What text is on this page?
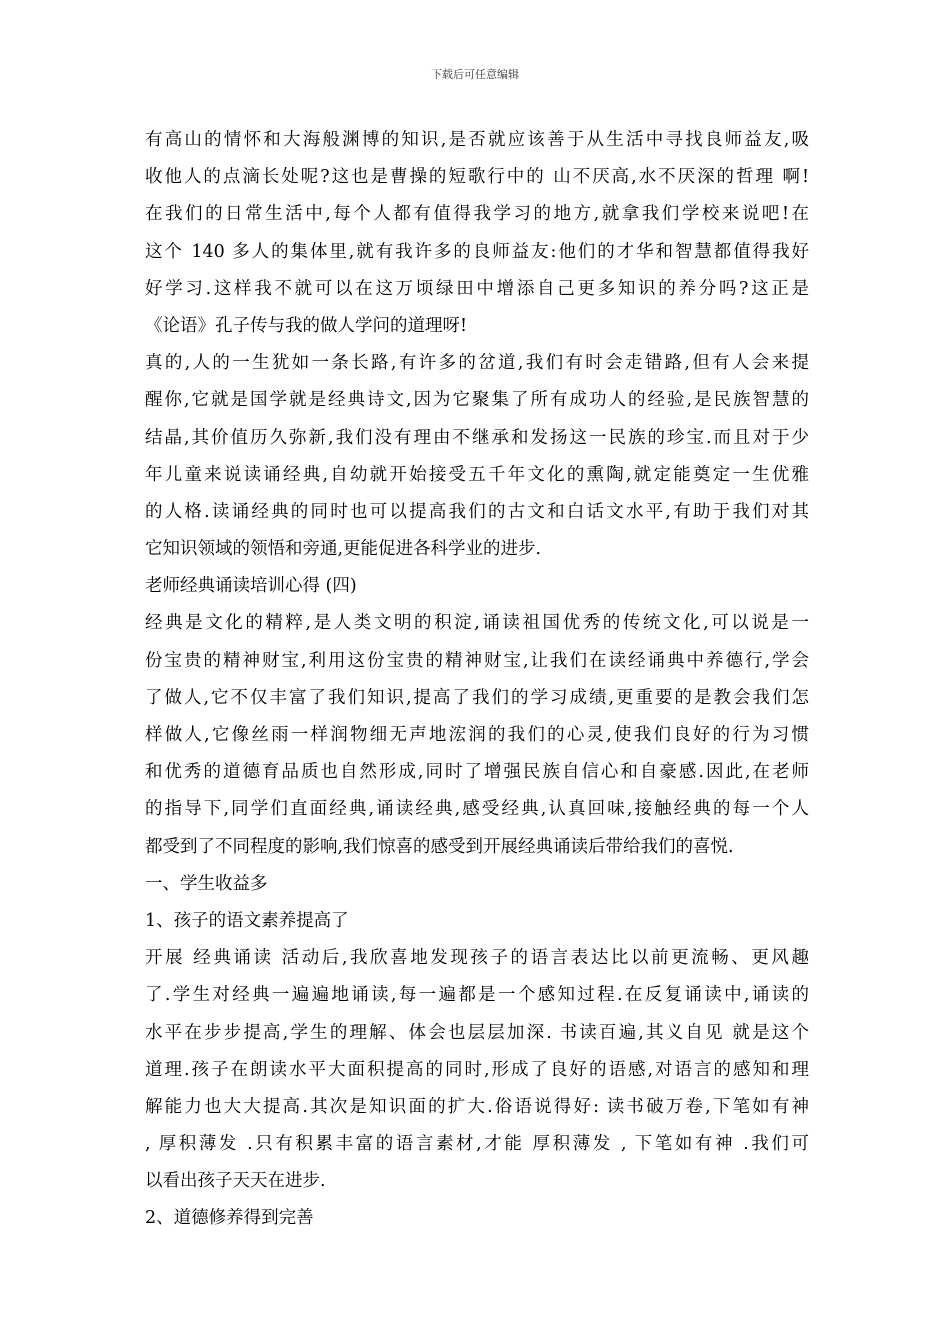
下载后可任意编辑
有高山的情怀和大海般渊博的知识,是否就应该善于从生活中寻找良师益友,吸
收他人的点滴长处呢?这也是曹操的短歌行中的 山不厌高,水不厌深的哲理 啊!
在我们的日常生活中,每个人都有值得我学习的地方,就拿我们学校来说吧!在
这个 140 多人的集体里,就有我许多的良师益友:他们的才华和智慧都值得我好
好学习.这样我不就可以在这万顷绿田中增添自己更多知识的养分吗?这正是
《论语》孔子传与我的做人学问的道理呀!
真的,人的一生犹如一条长路,有许多的岔道,我们有时会走错路,但有人会来提
醒你,它就是国学就是经典诗文,因为它聚集了所有成功人的经验,是民族智慧的
结晶,其价值历久弥新,我们没有理由不继承和发扬这一民族的珍宝.而且对于少
年儿童来说读诵经典,自幼就开始接受五千年文化的熏陶,就定能奠定一生优雅
的人格.读诵经典的同时也可以提高我们的古文和白话文水平,有助于我们对其
它知识领域的领悟和旁通,更能促进各科学业的进步.
老师经典诵读培训心得 (四)
经典是文化的精粹,是人类文明的积淀,诵读祖国优秀的传统文化,可以说是一
份宝贵的精神财宝,利用这份宝贵的精神财宝,让我们在读经诵典中养德行,学会
了做人,它不仅丰富了我们知识,提高了我们的学习成绩,更重要的是教会我们怎
样做人,它像丝雨一样润物细无声地浤润的我们的心灵,使我们良好的行为习惯
和优秀的道德育品质也自然形成,同时了增强民族自信心和自豪感.因此,在老师
的指导下,同学们直面经典,诵读经典,感受经典,认真回味,接触经典的每一个人
都受到了不同程度的影响,我们惊喜的感受到开展经典诵读后带给我们的喜悦.
一、学生收益多
1、孩子的语文素养提高了
开展 经典诵读 活动后,我欣喜地发现孩子的语言表达比以前更流畅、更风趣
了.学生对经典一遍遍地诵读,每一遍都是一个感知过程.在反复诵读中,诵读的
水平在步步提高,学生的理解、体会也层层加深. 书读百遍,其义自见 就是这个
道理.孩子在朗读水平大面积提高的同时,形成了良好的语感,对语言的感知和理
解能力也大大提高.其次是知识面的扩大.俗语说得好: 读书破万卷,下笔如有神
, 厚积薄发 .只有积累丰富的语言素材,才能 厚积薄发 , 下笔如有神 .我们可
以看出孩子天天在进步.
2、道德修养得到完善
